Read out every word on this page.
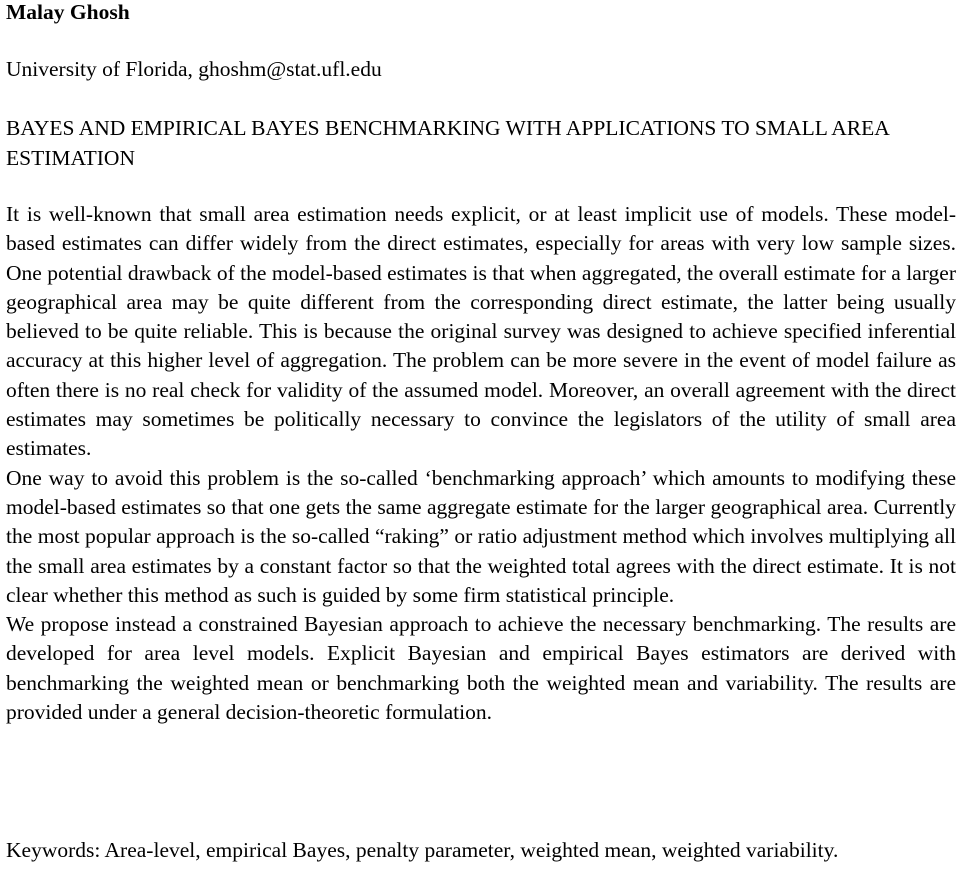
Malay Ghosh
University of Florida, ghoshm@stat.ufl.edu
BAYES AND EMPIRICAL BAYES BENCHMARKING WITH APPLICATIONS TO SMALL AREA ESTIMATION

It is well-known that small area estimation needs explicit, or at least implicit use of models. These model-based estimates can differ widely from the direct estimates, especially for areas with very low sample sizes. One potential drawback of the model-based estimates is that when aggregated, the overall estimate for a larger geographical area may be quite different from the corresponding direct estimate, the latter being usually believed to be quite reliable. This is because the original survey was designed to achieve specified inferential accuracy at this higher level of aggregation. The problem can be more severe in the event of model failure as often there is no real check for validity of the assumed model. Moreover, an overall agreement with the direct estimates may sometimes be politically necessary to convince the legislators of the utility of small area estimates.

One way to avoid this problem is the so-called ‘benchmarking approach’ which amounts to modifying these model-based estimates so that one gets the same aggregate estimate for the larger geographical area. Currently the most popular approach is the so-called “raking” or ratio adjustment method which involves multiplying all the small area estimates by a constant factor so that the weighted total agrees with the direct estimate. It is not clear whether this method as such is guided by some firm statistical principle.

We propose instead a constrained Bayesian approach to achieve the necessary benchmarking. The results are developed for area level models. Explicit Bayesian and empirical Bayes estimators are derived with benchmarking the weighted mean or benchmarking both the weighted mean and variability. The results are provided under a general decision-theoretic formulation.

Keywords: Area-level, empirical Bayes, penalty parameter, weighted mean, weighted variability.
